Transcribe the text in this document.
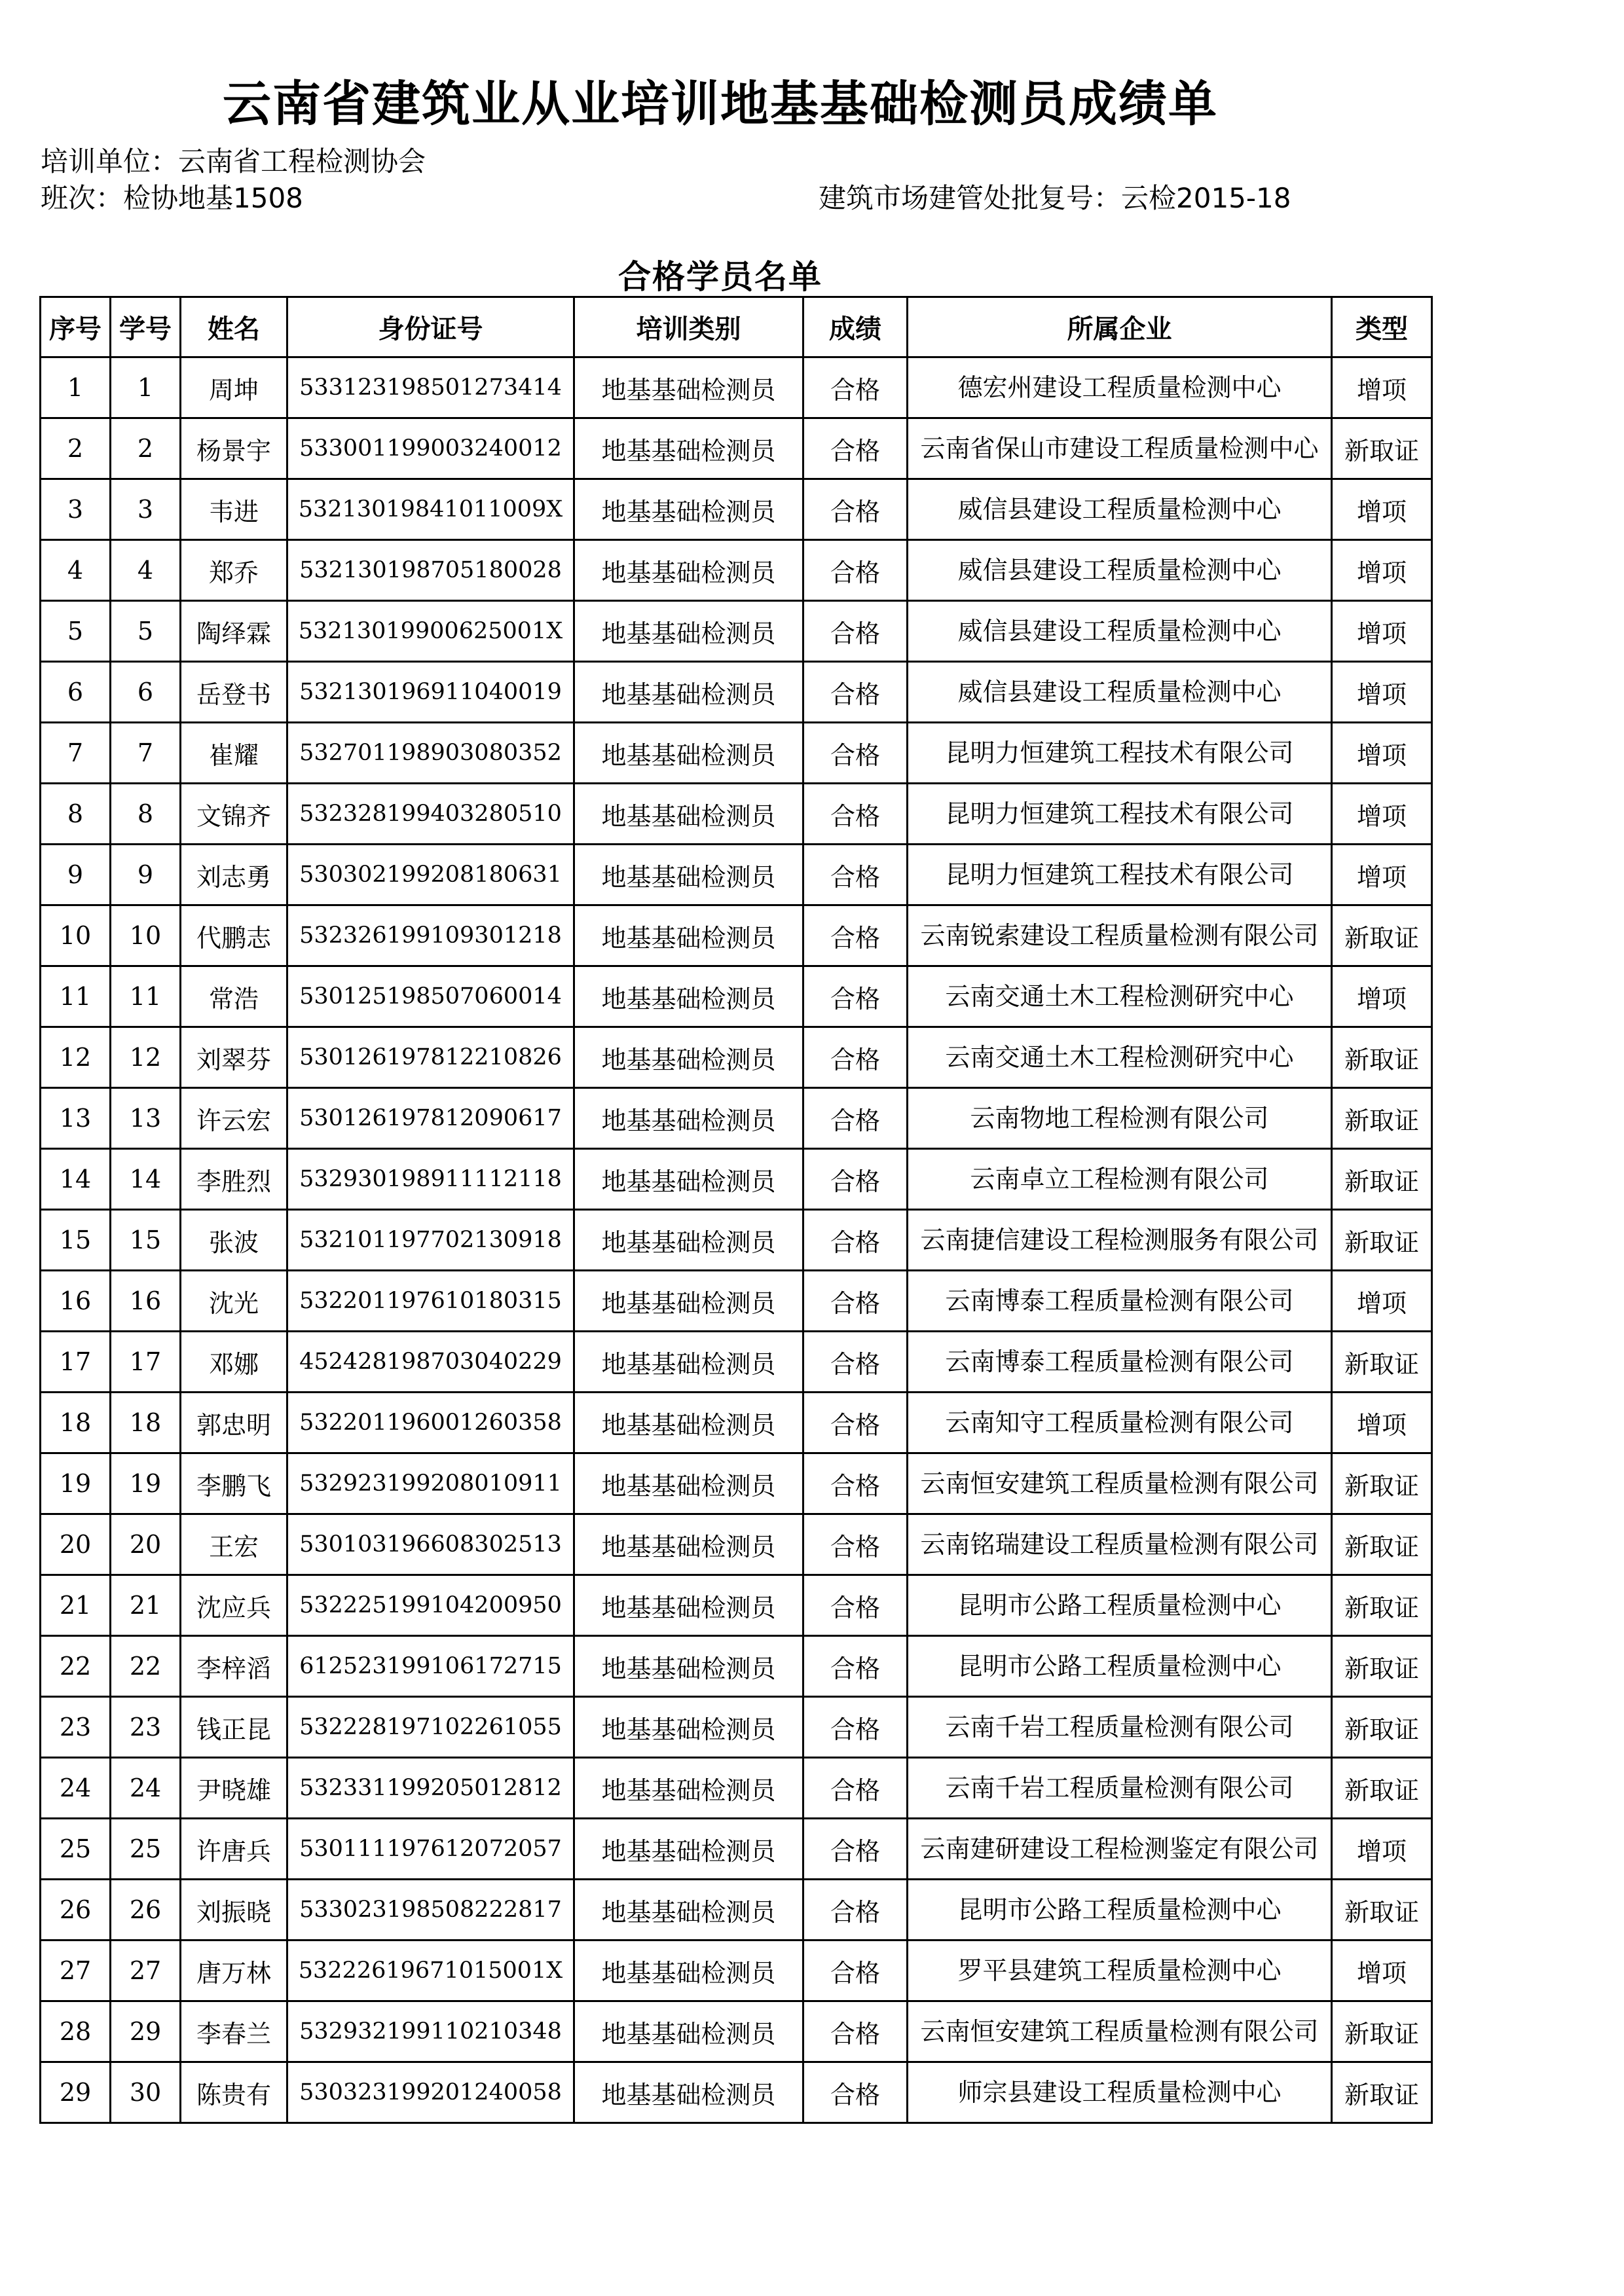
云南省建筑业从业培训地基基础检测员成绩单
培训单位：云南省工程检测协会
班次：检协地基1508	建筑市场建管处批复号：云检2015-18
合格学员名单
序号	学号	姓名	身份证号	培训类别	成绩	所属企业	类型
1	1	周坤	533123198501273414	地基基础检测员	合格	德宏州建设工程质量检测中心	增项
2	2	杨景宇	533001199003240012	地基基础检测员	合格	云南省保山市建设工程质量检测中心	新取证
3	3	韦进	53213019841011009X	地基基础检测员	合格	威信县建设工程质量检测中心	增项
4	4	郑乔	532130198705180028	地基基础检测员	合格	威信县建设工程质量检测中心	增项
5	5	陶绎霖	53213019900625001X	地基基础检测员	合格	威信县建设工程质量检测中心	增项
6	6	岳登书	532130196911040019	地基基础检测员	合格	威信县建设工程质量检测中心	增项
7	7	崔耀	532701198903080352	地基基础检测员	合格	昆明力恒建筑工程技术有限公司	增项
8	8	文锦齐	532328199403280510	地基基础检测员	合格	昆明力恒建筑工程技术有限公司	增项
9	9	刘志勇	530302199208180631	地基基础检测员	合格	昆明力恒建筑工程技术有限公司	增项
10	10	代鹏志	532326199109301218	地基基础检测员	合格	云南锐索建设工程质量检测有限公司	新取证
11	11	常浩	530125198507060014	地基基础检测员	合格	云南交通土木工程检测研究中心	增项
12	12	刘翠芬	530126197812210826	地基基础检测员	合格	云南交通土木工程检测研究中心	新取证
13	13	许云宏	530126197812090617	地基基础检测员	合格	云南物地工程检测有限公司	新取证
14	14	李胜烈	532930198911112118	地基基础检测员	合格	云南卓立工程检测有限公司	新取证
15	15	张波	532101197702130918	地基基础检测员	合格	云南捷信建设工程检测服务有限公司	新取证
16	16	沈光	532201197610180315	地基基础检测员	合格	云南博泰工程质量检测有限公司	增项
17	17	邓娜	452428198703040229	地基基础检测员	合格	云南博泰工程质量检测有限公司	新取证
18	18	郭忠明	532201196001260358	地基基础检测员	合格	云南知守工程质量检测有限公司	增项
19	19	李鹏飞	532923199208010911	地基基础检测员	合格	云南恒安建筑工程质量检测有限公司	新取证
20	20	王宏	530103196608302513	地基基础检测员	合格	云南铭瑞建设工程质量检测有限公司	新取证
21	21	沈应兵	532225199104200950	地基基础检测员	合格	昆明市公路工程质量检测中心	新取证
22	22	李梓滔	612523199106172715	地基基础检测员	合格	昆明市公路工程质量检测中心	新取证
23	23	钱正昆	532228197102261055	地基基础检测员	合格	云南千岩工程质量检测有限公司	新取证
24	24	尹晓雄	532331199205012812	地基基础检测员	合格	云南千岩工程质量检测有限公司	新取证
25	25	许唐兵	530111197612072057	地基基础检测员	合格	云南建研建设工程检测鉴定有限公司	增项
26	26	刘振晓	533023198508222817	地基基础检测员	合格	昆明市公路工程质量检测中心	新取证
27	27	唐万林	53222619671015001X	地基基础检测员	合格	罗平县建筑工程质量检测中心	增项
28	29	李春兰	532932199110210348	地基基础检测员	合格	云南恒安建筑工程质量检测有限公司	新取证
29	30	陈贵有	530323199201240058	地基基础检测员	合格	师宗县建设工程质量检测中心	新取证
